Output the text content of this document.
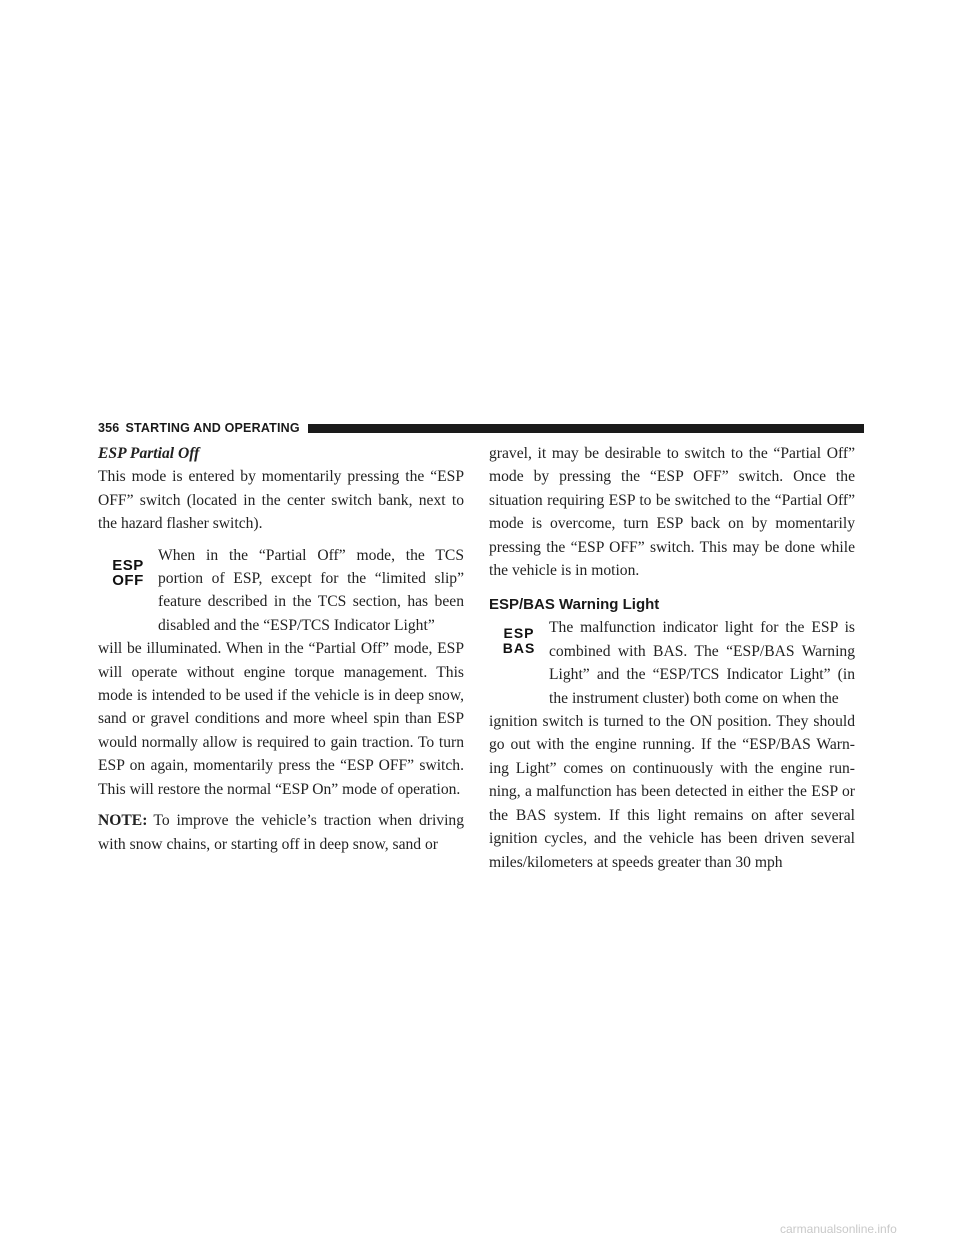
356 STARTING AND OPERATING
ESP Partial Off

This mode is entered by momentarily pressing the “ESP OFF” switch (located in the center switch bank, next to the hazard flasher switch).

ESP
OFF

When in the “Partial Off” mode, the TCS portion of ESP, except for the “limited slip” feature described in the TCS section, has been disabled and the “ESP/TCS Indicator Light”

will be illuminated. When in the “Partial Off” mode, ESP will operate without engine torque management. This mode is intended to be used if the vehicle is in deep snow, sand or gravel conditions and more wheel spin than ESP would normally allow is required to gain traction. To turn ESP on again, momentarily press the “ESP OFF” switch. This will restore the normal “ESP On” mode of operation.

NOTE: To improve the vehicle’s traction when driving with snow chains, or starting off in deep snow, sand or

gravel, it may be desirable to switch to the “Partial Off” mode by pressing the “ESP OFF” switch. Once the situation requiring ESP to be switched to the “Partial Off” mode is overcome, turn ESP back on by momentarily pressing the “ESP OFF” switch. This may be done while the vehicle is in motion.

ESP/BAS Warning Light
ESP
BAS

The malfunction indicator light for the ESP is combined with BAS. The “ESP/BAS Warning Light” and the “ESP/TCS Indicator Light” (in the instrument cluster) both come on when the

ignition switch is turned to the ON position. They should go out with the engine running. If the “ESP/BAS Warn- ing Light” comes on continuously with the engine run- ning, a malfunction has been detected in either the ESP or the BAS system. If this light remains on after several ignition cycles, and the vehicle has been driven several miles/kilometers at speeds greater than 30 mph

carmanualsonline.info
